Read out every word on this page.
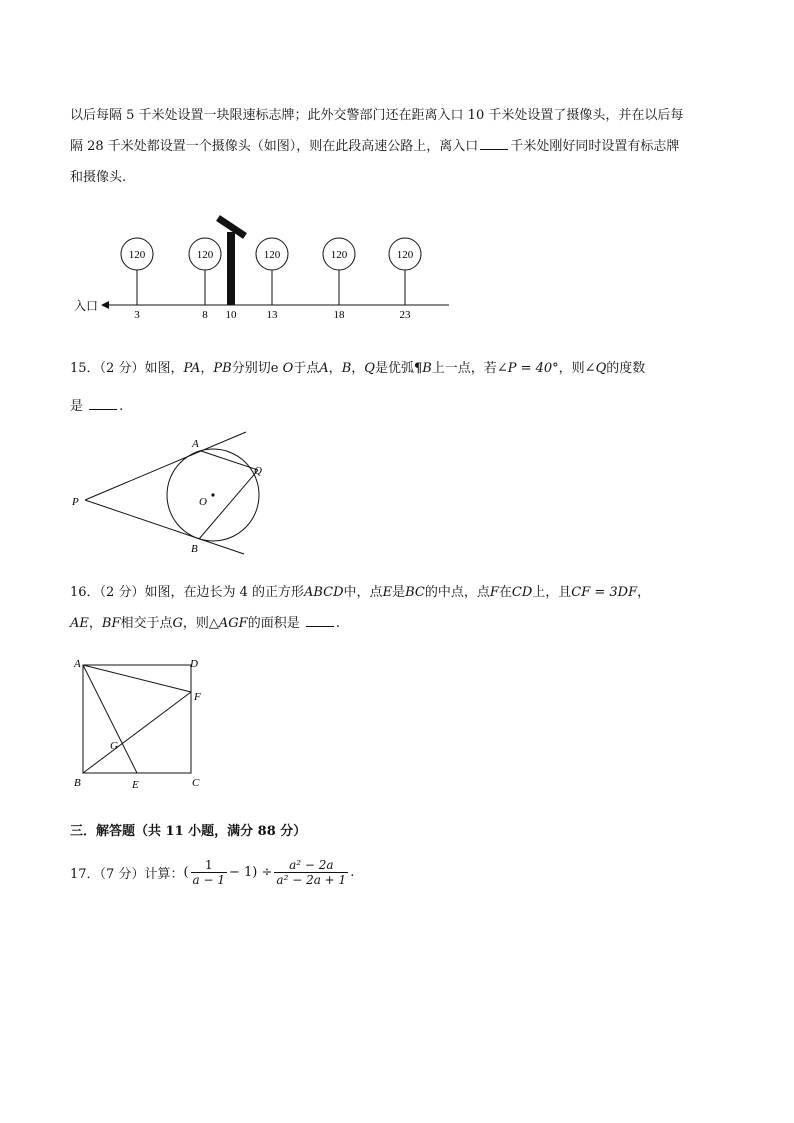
以后每隔 5 千米处设置一块限速标志牌；此外交警部门还在距离入口 10 千米处设置了摄像头，并在以后每
隔 28 千米处都设置一个摄像头（如图），则在此段高速公路上，离入口 千米处刚好同时设置有标志牌
和摄像头.
入口
120
3
120
8 10
120
13
120
18
120
23
15．（2 分）如图，PA，PB分别切e O于点A，B，Q是优弧¶B上一点，若∠P = 40°，则∠Q的度数
是	.
P
A
B
Q
O
16．（2 分）如图，在边长为 4 的正方形ABCD中，点E是BC的中点，点F在CD上，且CF = 3DF，
AE，BF相交于点G，则△AGF的面积是	.
A	D
F
G
B	E	C
三．解答题（共 11 小题，满分 88 分）
17．（7 分）计算：( $\frac{1}{a - 1} - 1) \div \frac{\text{a² − 2a}}{\text{a² − 2a + 1}}$ .
